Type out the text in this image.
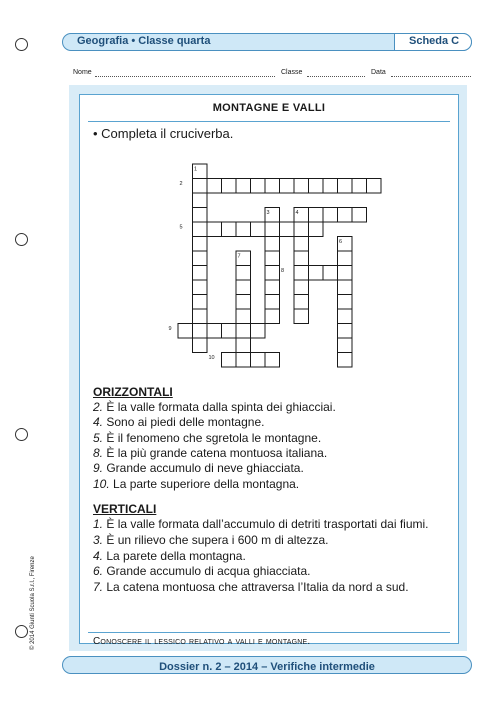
Geografia • Classe quarta	Scheda C
Nome	Classe	Data
MONTAGNE E VALLI
• Completa il cruciverba.
1
2
3	4
5
6
7
8
9
10
ORIZZONTALI
2. È la valle formata dalla spinta dei ghiacciai.
4. Sono ai piedi delle montagne.
5. È il fenomeno che sgretola le montagne.
8. È la più grande catena montuosa italiana.
9. Grande accumulo di neve ghiacciata.
10. La parte superiore della montagna.
VERTICALI
1. È la valle formata dall’accumulo di detriti trasportati dai fiumi.
3. È un rilievo che supera i 600 m di altezza.
4. La parete della montagna.
6. Grande accumulo di acqua ghiacciata.
7. La catena montuosa che attraversa l’Italia da nord a sud.
Conoscere il lessico relativo a valli e montagne.
Dossier n. 2 – 2014 – Verifiche intermedie
© 2014 Giunti Scuola S.r.l., Firenze
